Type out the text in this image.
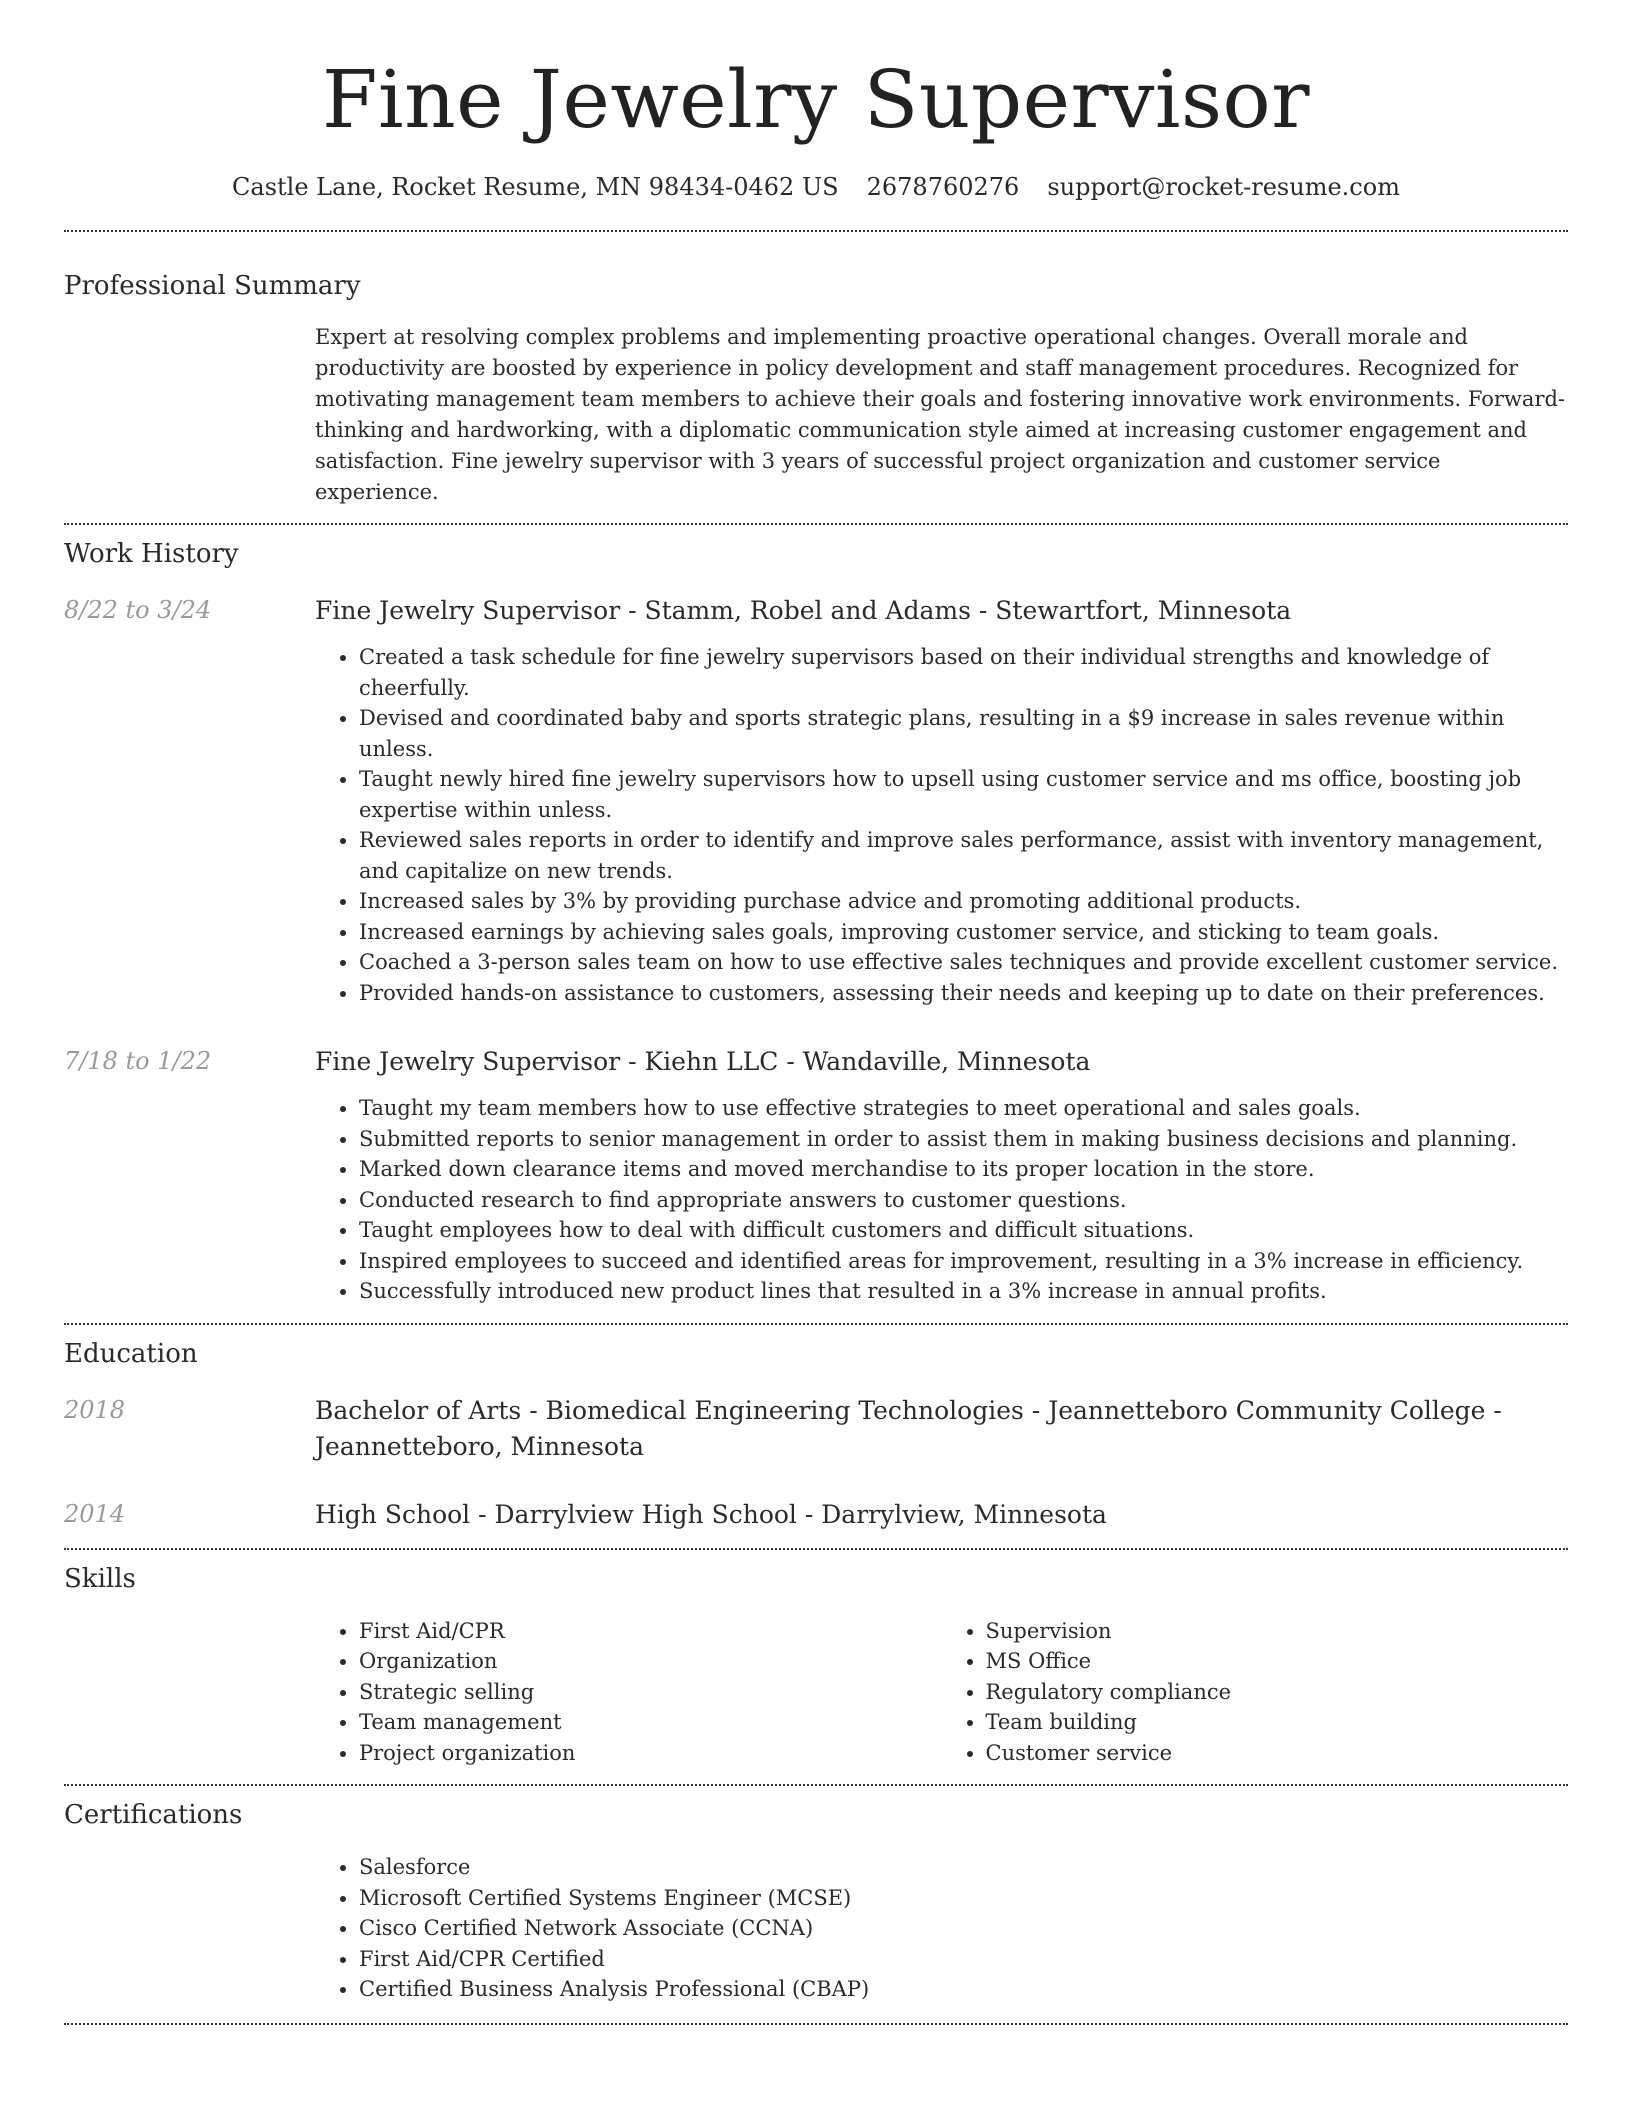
Fine Jewelry Supervisor
Castle Lane, Rocket Resume, MN 98434-0462 US 2678760276 support@rocket-resume.com
Professional Summary
Expert at resolving complex problems and implementing proactive operational changes. Overall morale and productivity are boosted by experience in policy development and staff management procedures. Recognized for motivating management team members to achieve their goals and fostering innovative work environments. Forward-thinking and hardworking, with a diplomatic communication style aimed at increasing customer engagement and satisfaction. Fine jewelry supervisor with 3 years of successful project organization and customer service experience.
Work History
8/22 to 3/24	Fine Jewelry Supervisor - Stamm, Robel and Adams - Stewartfort, Minnesota
• Created a task schedule for fine jewelry supervisors based on their individual strengths and knowledge of cheerfully.
• Devised and coordinated baby and sports strategic plans, resulting in a $9 increase in sales revenue within unless.
• Taught newly hired fine jewelry supervisors how to upsell using customer service and ms office, boosting job expertise within unless.
• Reviewed sales reports in order to identify and improve sales performance, assist with inventory management, and capitalize on new trends.
• Increased sales by 3% by providing purchase advice and promoting additional products.
• Increased earnings by achieving sales goals, improving customer service, and sticking to team goals.
• Coached a 3-person sales team on how to use effective sales techniques and provide excellent customer service.
• Provided hands-on assistance to customers, assessing their needs and keeping up to date on their preferences.
7/18 to 1/22	Fine Jewelry Supervisor - Kiehn LLC - Wandaville, Minnesota
• Taught my team members how to use effective strategies to meet operational and sales goals.
• Submitted reports to senior management in order to assist them in making business decisions and planning.
• Marked down clearance items and moved merchandise to its proper location in the store.
• Conducted research to find appropriate answers to customer questions.
• Taught employees how to deal with difficult customers and difficult situations.
• Inspired employees to succeed and identified areas for improvement, resulting in a 3% increase in efficiency.
• Successfully introduced new product lines that resulted in a 3% increase in annual profits.
Education
2018	Bachelor of Arts - Biomedical Engineering Technologies - Jeannetteboro Community College - Jeannetteboro, Minnesota
2014	High School - Darrylview High School - Darrylview, Minnesota
Skills
• First Aid/CPR
• Organization
• Strategic selling
• Team management
• Project organization
• Supervision
• MS Office
• Regulatory compliance
• Team building
• Customer service
Certifications
• Salesforce
• Microsoft Certified Systems Engineer (MCSE)
• Cisco Certified Network Associate (CCNA)
• First Aid/CPR Certified
• Certified Business Analysis Professional (CBAP)
